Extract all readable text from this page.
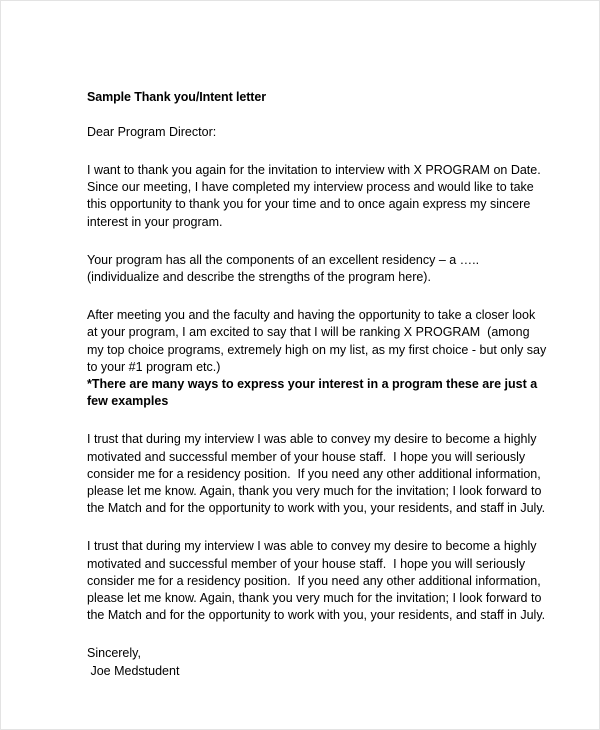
Sample Thank you/Intent letter

Dear Program Director:

I want to thank you again for the invitation to interview with X PROGRAM on Date.  Since our meeting, I have completed my interview process and would like to take this opportunity to thank you for your time and to once again express my sincere interest in your program.

Your program has all the components of an excellent residency – a …..(individualize and describe the strengths of the program here).

After meeting you and the faculty and having the opportunity to take a closer look at your program, I am excited to say that I will be ranking X PROGRAM  (among my top choice programs, extremely high on my list, as my first choice - but only say to your #1 program etc.)

*There are many ways to express your interest in a program these are just a few examples

I trust that during my interview I was able to convey my desire to become a highly motivated and successful member of your house staff.  I hope you will seriously consider me for a residency position.  If you need any other additional information, please let me know. Again, thank you very much for the invitation; I look forward to the Match and for the opportunity to work with you, your residents, and staff in July.

I trust that during my interview I was able to convey my desire to become a highly motivated and successful member of your house staff.  I hope you will seriously consider me for a residency position.  If you need any other additional information, please let me know. Again, thank you very much for the invitation; I look forward to the Match and for the opportunity to work with you, your residents, and staff in July.

Sincerely,

Joe Medstudent
